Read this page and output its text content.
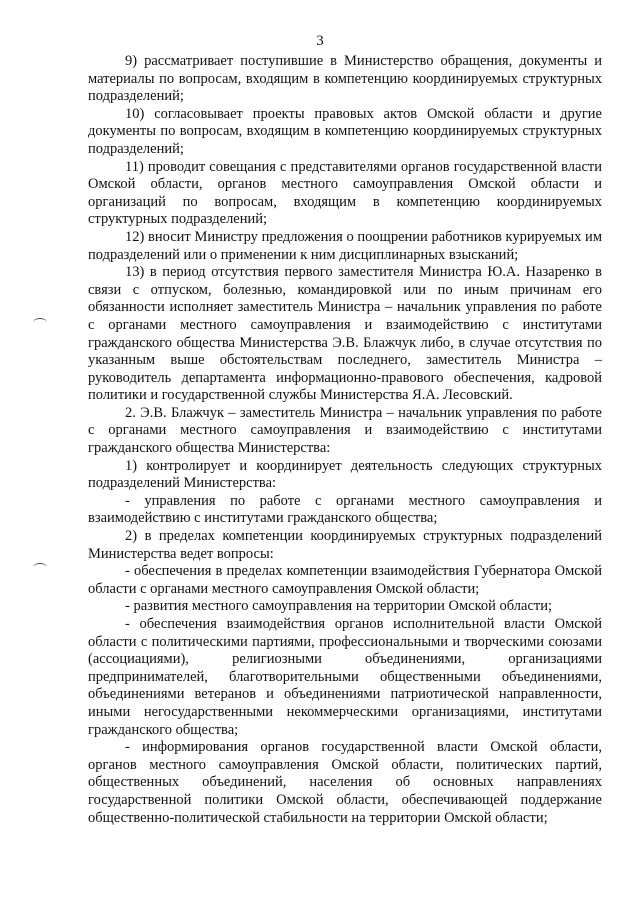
3

9) рассматривает поступившие в Министерство обращения, документы и материалы по вопросам, входящим в компетенцию координируемых структурных подразделений;

10) согласовывает проекты правовых актов Омской области и другие документы по вопросам, входящим в компетенцию координируемых структурных подразделений;

11) проводит совещания с представителями органов государственной власти Омской области, органов местного самоуправления Омской области и организаций по вопросам, входящим в компетенцию координируемых структурных подразделений;

12) вносит Министру предложения о поощрении работников курируемых им подразделений или о применении к ним дисциплинарных взысканий;

13) в период отсутствия первого заместителя Министра Ю.А. Назаренко в связи с отпуском, болезнью, командировкой или по иным причинам его обязанности исполняет заместитель Министра – начальник управления по работе с органами местного самоуправления и взаимодействию с институтами гражданского общества Министерства Э.В. Блажчук либо, в случае отсутствия по указанным выше обстоятельствам последнего, заместитель Министра – руководитель департамента информационно-правового обеспечения, кадровой политики и государственной службы Министерства Я.А. Лесовский.

2. Э.В. Блажчук – заместитель Министра – начальник управления по работе с органами местного самоуправления и взаимодействию с институтами гражданского общества Министерства:

1) контролирует и координирует деятельность следующих структурных подразделений Министерства:

- управления по работе с органами местного самоуправления и взаимодействию с институтами гражданского общества;

2) в пределах компетенции координируемых структурных подразделений Министерства ведет вопросы:

- обеспечения в пределах компетенции взаимодействия Губернатора Омской области с органами местного самоуправления Омской области;

- развития местного самоуправления на территории Омской области;

- обеспечения взаимодействия органов исполнительной власти Омской области с политическими партиями, профессиональными и творческими союзами (ассоциациями), религиозными объединениями, организациями предпринимателей, благотворительными общественными объединениями, объединениями ветеранов и объединениями патриотической направленности, иными негосударственными некоммерческими организациями, институтами гражданского общества;

- информирования органов государственной власти Омской области, органов местного самоуправления Омской области, политических партий, общественных объединений, населения об основных направлениях государственной политики Омской области, обеспечивающей поддержание общественно-политической стабильности на территории Омской области;
